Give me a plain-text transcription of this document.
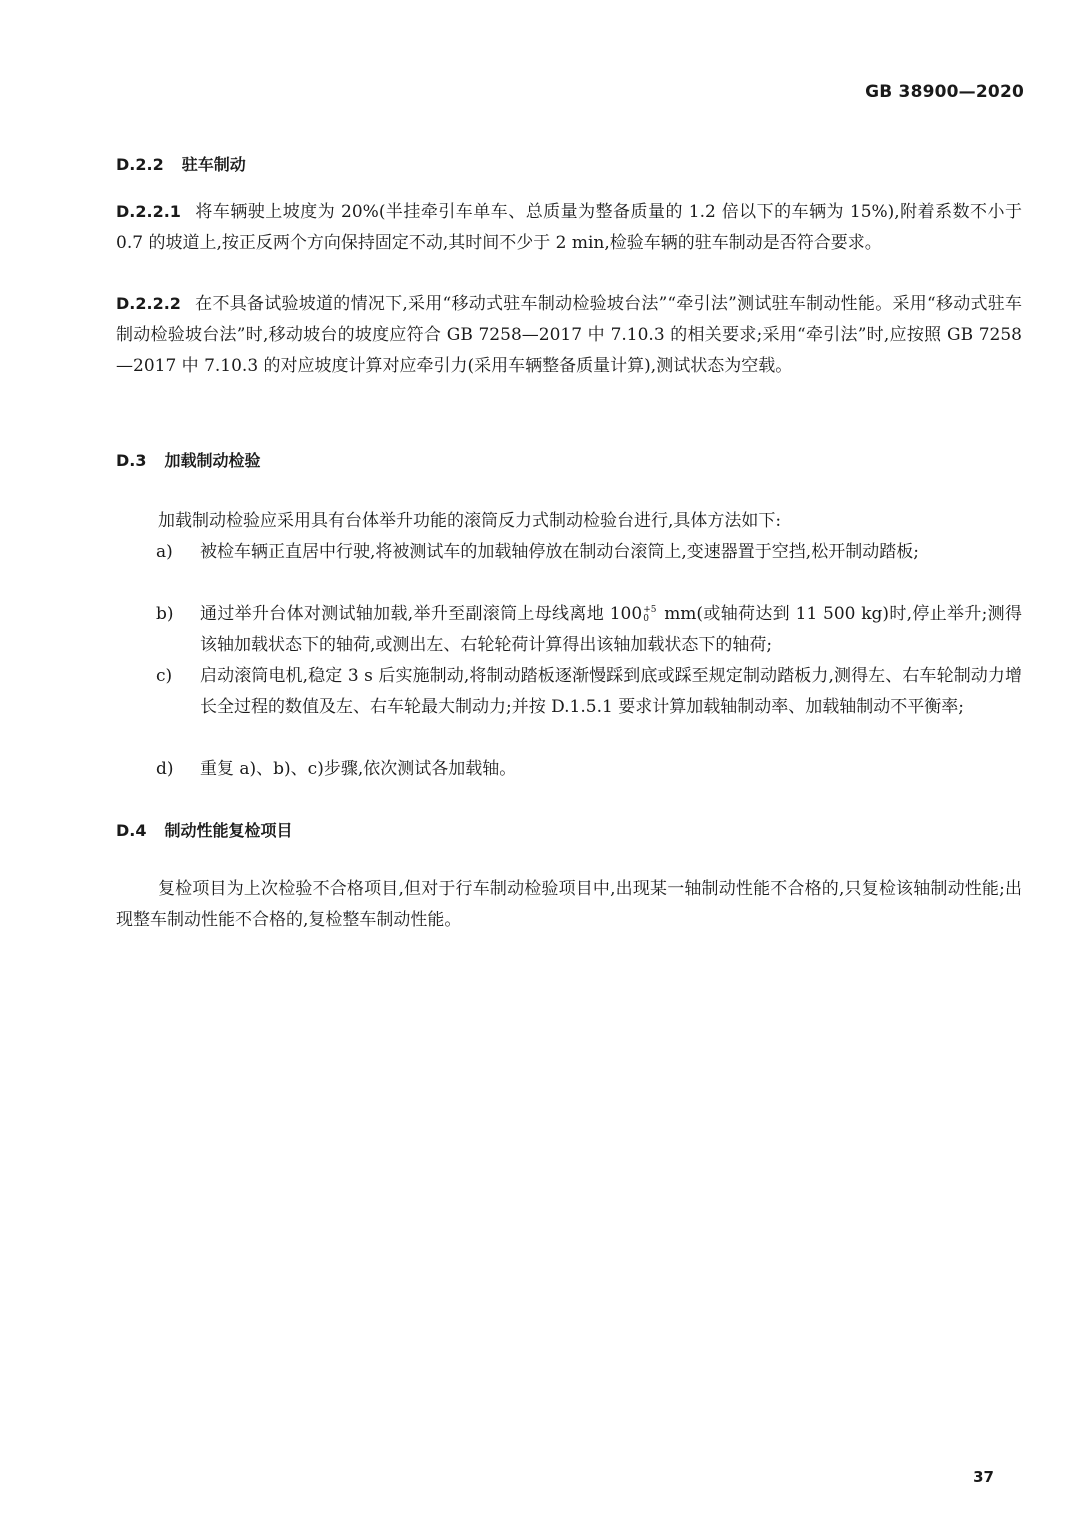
GB 38900—2020
D.2.2 驻车制动

D.2.2.1 将车辆驶上坡度为 20%(半挂牵引车单车、总质量为整备质量的 1.2 倍以下的车辆为 15%),附着系数不小于 0.7 的坡道上,按正反两个方向保持固定不动,其时间不少于 2 min,检验车辆的驻车制动是否符合要求。

D.2.2.2 在不具备试验坡道的情况下,采用“移动式驻车制动检验坡台法”“牵引法”测试驻车制动性能。采用“移动式驻车制动检验坡台法”时,移动坡台的坡度应符合 GB 7258—2017 中 7.10.3 的相关要求;采用“牵引法”时,应按照 GB 7258—2017 中 7.10.3 的对应坡度计算对应牵引力(采用车辆整备质量计算),测试状态为空载。

D.3 加载制动检验

加载制动检验应采用具有台体举升功能的滚筒反力式制动检验台进行,具体方法如下:

a)	被检车辆正直居中行驶,将被测试车的加载轴停放在制动台滚筒上,变速器置于空挡,松开制动踏板;
b)	通过举升台体对测试轴加载,举升至副滚筒上母线离地 100 +5
0 mm(或轴荷达到 11 500 kg)时,停止举升;测得该轴加载状态下的轴荷,或测出左、右轮轮荷计算得出该轴加载状态下的轴荷;
c)	启动滚筒电机,稳定 3 s 后实施制动,将制动踏板逐渐慢踩到底或踩至规定制动踏板力,测得左、右车轮制动力增长全过程的数值及左、右车轮最大制动力;并按 D.1.5.1 要求计算加载轴制动率、加载轴制动不平衡率;
d)	重复 a)、b)、c)步骤,依次测试各加载轴。
D.4 制动性能复检项目

复检项目为上次检验不合格项目,但对于行车制动检验项目中,出现某一轴制动性能不合格的,只复检该轴制动性能;出现整车制动性能不合格的,复检整车制动性能。

37
